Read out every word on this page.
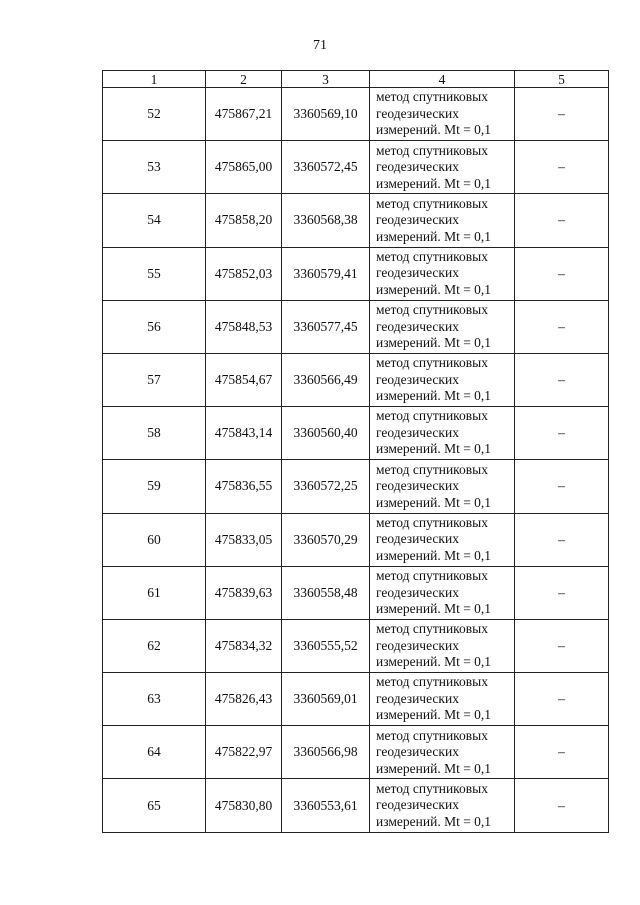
71
1	2	3	4	5
52	475867,21	3360569,10	метод спутниковых
геодезических
измерений. Mt = 0,1	–
53	475865,00	3360572,45	метод спутниковых
геодезических
измерений. Mt = 0,1	–
54	475858,20	3360568,38	метод спутниковых
геодезических
измерений. Mt = 0,1	–
55	475852,03	3360579,41	метод спутниковых
геодезических
измерений. Mt = 0,1	–
56	475848,53	3360577,45	метод спутниковых
геодезических
измерений. Mt = 0,1	–
57	475854,67	3360566,49	метод спутниковых
геодезических
измерений. Mt = 0,1	–
58	475843,14	3360560,40	метод спутниковых
геодезических
измерений. Mt = 0,1	–
59	475836,55	3360572,25	метод спутниковых
геодезических
измерений. Mt = 0,1	–
60	475833,05	3360570,29	метод спутниковых
геодезических
измерений. Mt = 0,1	–
61	475839,63	3360558,48	метод спутниковых
геодезических
измерений. Mt = 0,1	–
62	475834,32	3360555,52	метод спутниковых
геодезических
измерений. Mt = 0,1	–
63	475826,43	3360569,01	метод спутниковых
геодезических
измерений. Mt = 0,1	–
64	475822,97	3360566,98	метод спутниковых
геодезических
измерений. Mt = 0,1	–
65	475830,80	3360553,61	метод спутниковых
геодезических
измерений. Mt = 0,1	–
